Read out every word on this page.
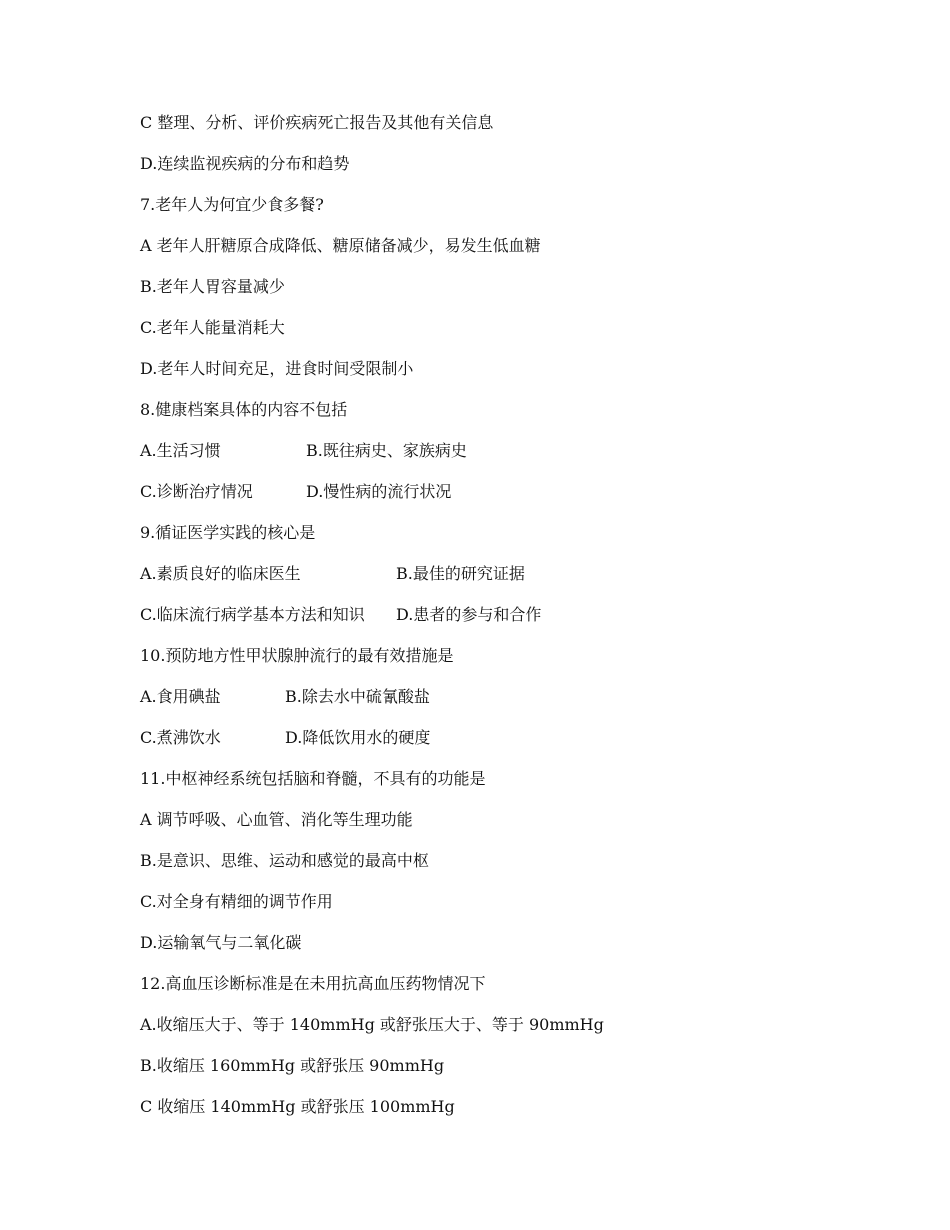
C 整理、分析、评价疾病死亡报告及其他有关信息
D.连续监视疾病的分布和趋势
7.老年人为何宜少食多餐?
A 老年人肝糖原合成降低、糖原储备减少，易发生低血糖
B.老年人胃容量减少
C.老年人能量消耗大
D.老年人时间充足，进食时间受限制小
8.健康档案具体的内容不包括
A.生活习惯	B.既往病史、家族病史
C.诊断治疗情况	D.慢性病的流行状况
9.循证医学实践的核心是
A.素质良好的临床医生	B.最佳的研究证据
C.临床流行病学基本方法和知识	D.患者的参与和合作
10.预防地方性甲状腺肿流行的最有效措施是
A.食用碘盐	B.除去水中硫氰酸盐
C.煮沸饮水	D.降低饮用水的硬度
11.中枢神经系统包括脑和脊髓，不具有的功能是
A 调节呼吸、心血管、消化等生理功能
B.是意识、思维、运动和感觉的最高中枢
C.对全身有精细的调节作用
D.运输氧气与二氧化碳
12.高血压诊断标准是在未用抗高血压药物情况下
A.收缩压大于、等于 140mmHg 或舒张压大于、等于 90mmHg
B.收缩压 160mmHg 或舒张压 90mmHg
C 收缩压 140mmHg 或舒张压 100mmHg
